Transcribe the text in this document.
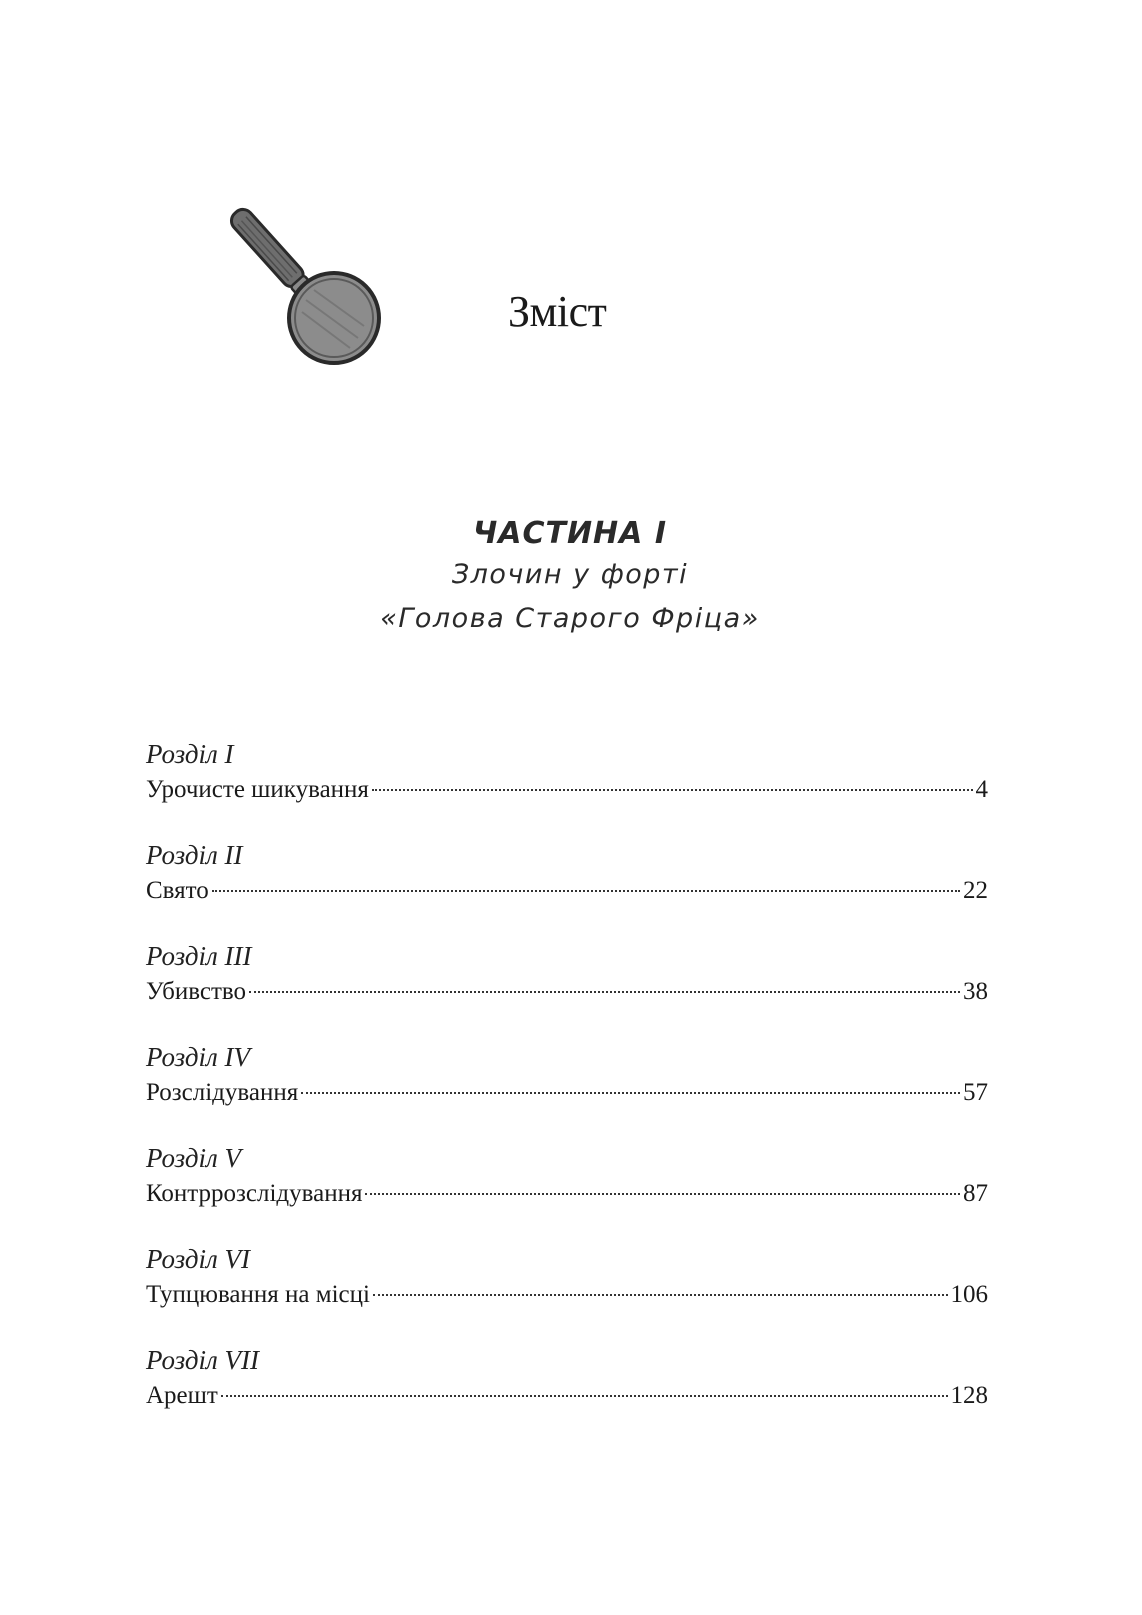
Зміст
ЧАСТИНА І
Злочин у форті
«Голова Старого Фріца»
Розділ І
Урочисте шикування	4
Розділ ІІ
Свято	22
Розділ ІІІ
Убивство	38
Розділ IV
Розслідування	57
Розділ V
Контррозслідування	87
Розділ VI
Тупцювання на місці	106
Розділ VII
Арешт	128
